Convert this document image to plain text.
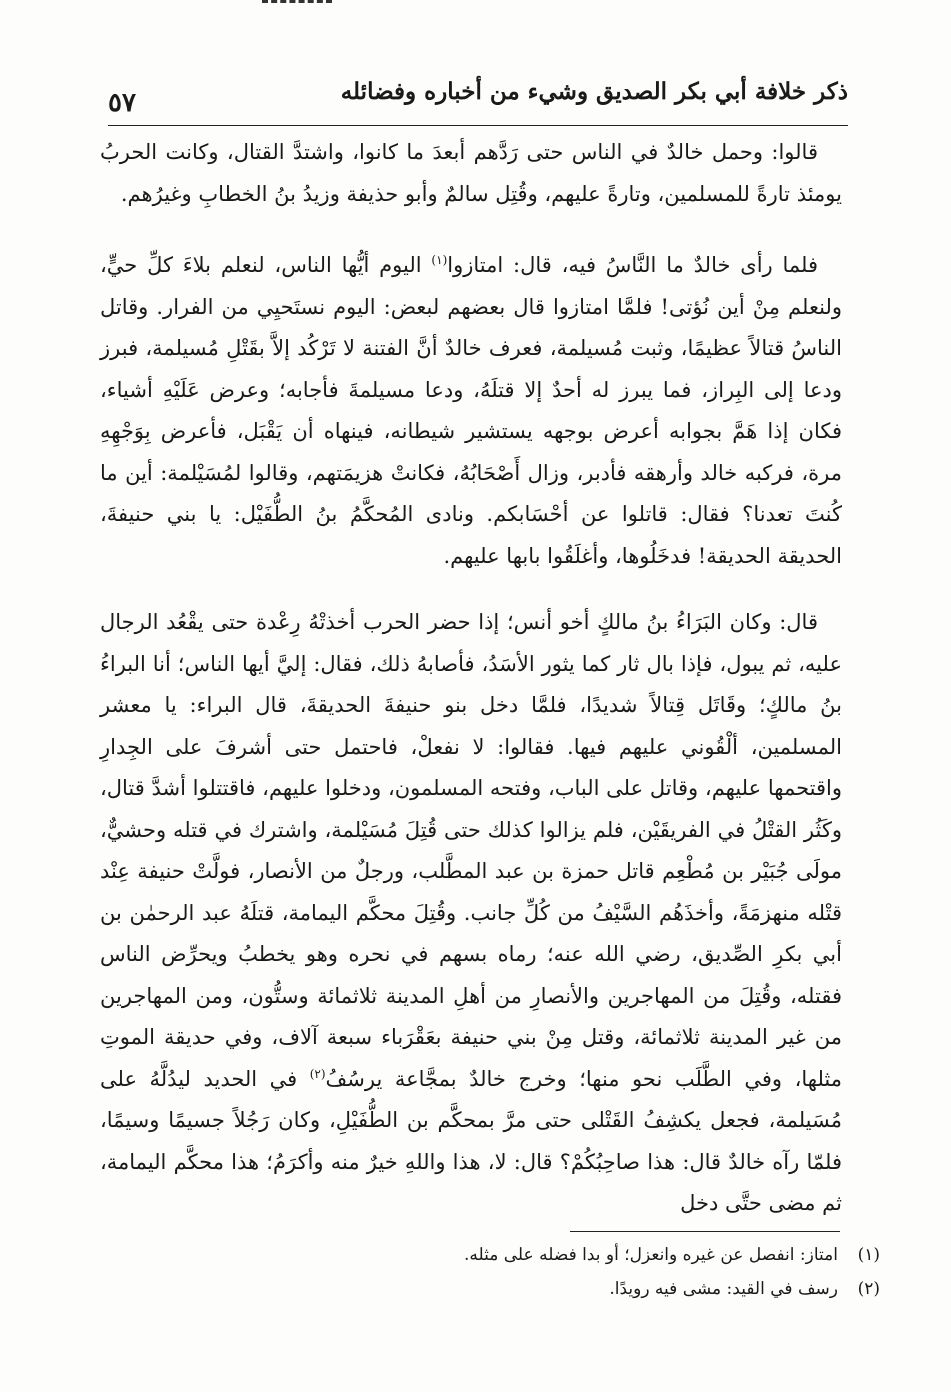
ذكر خلافة أبي بكر الصديق وشيء من أخباره وفضائله
٥٧

قالوا: وحمل خالدٌ في الناس حتى رَدَّهم أبعدَ ما كانوا، واشتدَّ القتال، وكانت الحربُ يومئذ تارةً للمسلمين، وتارةً عليهم، وقُتِل سالمٌ وأبو حذيفة وزيدُ بنُ الخطابِ وغيرُهم.

فلما رأى خالدٌ ما النَّاسُ فيه، قال: امتازوا$^{(١)}$ اليوم أيُّها الناس، لنعلم بلاءَ كلِّ حيٍّ، ولنعلم مِنْ أين نُؤتى! فلمَّا امتازوا قال بعضهم لبعض: اليوم نستَحيِي من الفرار. وقاتل الناسُ قتالاً عظيمًا، وثبت مُسيلمة، فعرف خالدٌ أنَّ الفتنة لا تَرْكُد إلاَّ بقَتْلِ مُسيلمة، فبرز ودعا إلى البِراز، فما يبرز له أحدٌ إلا قتلَهُ، ودعا مسيلمةَ فأجابه؛ وعرض عَلَيْهِ أشياء، فكان إذا هَمَّ بجوابه أعرض بوجهه يستشير شيطانه، فينهاه أن يَقْبَل، فأعرض بِوَجْهِهِ مرة، فركبه خالد وأرهقه فأدبر، وزال أَصْحَابُهُ، فكانتْ هزيمَتهم، وقالوا لمُسَيْلمة: أين ما كُنتَ تعدنا؟ فقال: قاتلوا عن أحْسَابكم. ونادى المُحكَّمُ بنُ الطُّفَيْل: يا بني حنيفةَ، الحديقة الحديقة! فدخَلُوها، وأغلَقُوا بابها عليهم.

قال: وكان البَرَاءُ بنُ مالكٍ أخو أنس؛ إذا حضر الحرب أخذتْهُ رِعْدة حتى يقْعُد الرجال عليه، ثم يبول، فإذا بال ثار كما يثور الأسَدُ، فأصابهُ ذلك، فقال: إليَّ أيها الناس؛ أنا البراءُ بنُ مالكٍ؛ وقَاتَل قِتالاً شديدًا، فلمَّا دخل بنو حنيفةَ الحديقةَ، قال البراء: يا معشر المسلمين، ألْقُوني عليهم فيها. فقالوا: لا نفعلْ، فاحتمل حتى أشرفَ على الجِدارِ واقتحمها عليهم، وقاتل على الباب، وفتحه المسلمون، ودخلوا عليهم، فاقتتلوا أشدَّ قتال، وكَثُر القتْلُ في الفريقَيْن، فلم يزالوا كذلك حتى قُتِلَ مُسَيْلمة، واشترك في قتله وحشيٌّ، مولَى جُبَيْر بن مُطْعِم قاتل حمزة بن عبد المطَّلب، ورجلٌ من الأنصار، فولَّتْ حنيفة عِنْد قتْله منهزمَةً، وأخذَهُم السَّيْفُ من كُلِّ جانب. وقُتِلَ محكَّم اليمامة، قتلَهُ عبد الرحمٰن بن أبي بكرِ الصِّديق، رضي الله عنه؛ رماه بسهم في نحره وهو يخطبُ ويحرِّض الناس فقتله، وقُتِلَ من المهاجرين والأنصارِ من أهلِ المدينة ثلاثمائة وستُّون، ومن المهاجرين من غير المدينة ثلاثمائة، وقتل مِنْ بني حنيفة بعَقْرَباء سبعة آلاف، وفي حديقة الموتِ مثلها، وفي الطَّلَب نحو منها؛ وخرج خالدٌ بمجَّاعة يرسُفُ$^{(٢)}$ في الحديد ليدُلَّهُ على مُسَيلمة، فجعل يكشِفُ القَتْلى حتى مرَّ بمحكَّم بن الطُّفَيْلِ، وكان رَجُلاً جسيمًا وسيمًا، فلمّا رآه خالدٌ قال: هذا صاحِبُكُمْ؟ قال: لا، هذا واللهِ خيرٌ منه وأكرَمُ؛ هذا محكَّم اليمامة، ثم مضى حتَّى دخل

(١)
امتاز: انفصل عن غيره وانعزل؛ أو بدا فضله على مثله.
(٢)
رسف في القيد: مشى فيه رويدًا.
